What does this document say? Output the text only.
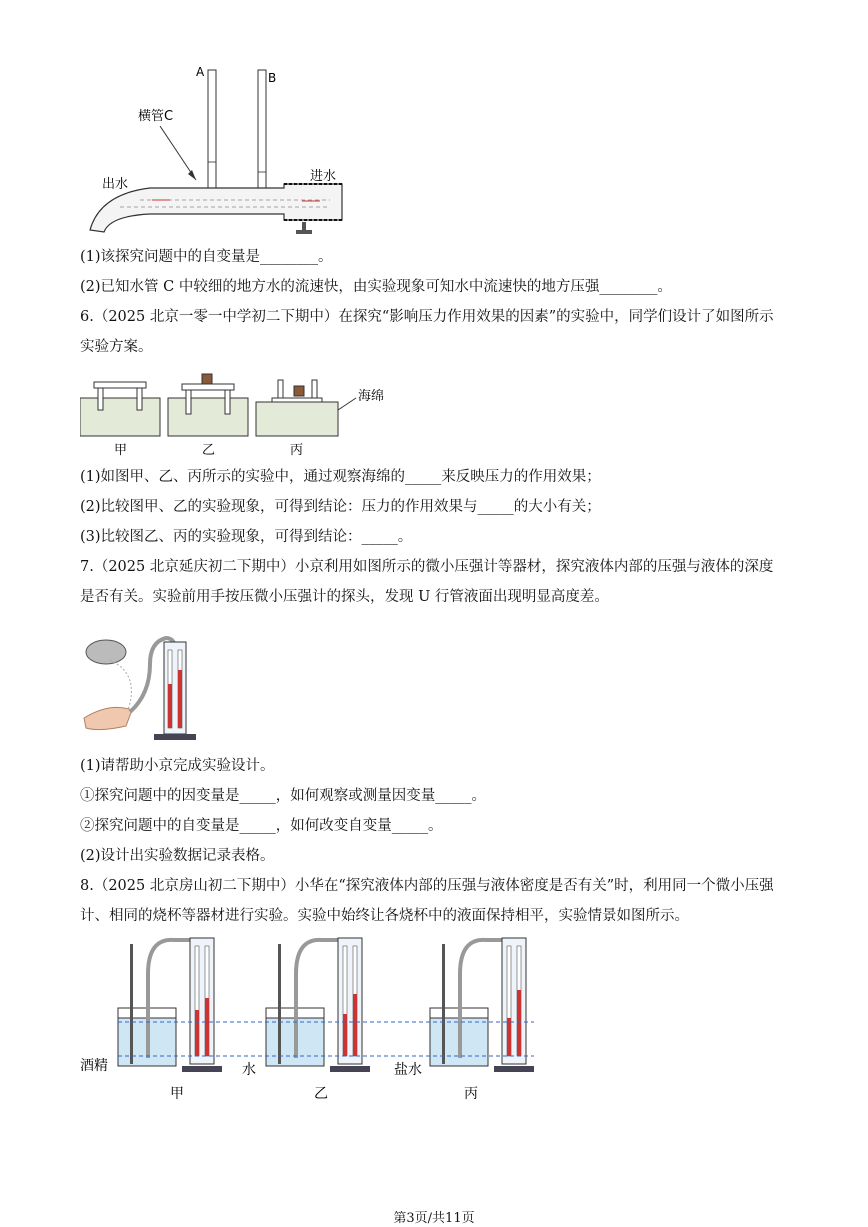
A	B
横管C
出水
进水
(1)该探究问题中的自变量是________。
(2)已知水管 C 中较细的地方水的流速快，由实验现象可知水中流速快的地方压强________。
6.（2025 北京一零一中学初二下期中）在探究“影响压力作用效果的因素”的实验中，同学们设计了如图所示
实验方案。
海绵
甲	乙	丙
(1)如图甲、乙、丙所示的实验中，通过观察海绵的_____来反映压力的作用效果；
(2)比较图甲、乙的实验现象，可得到结论：压力的作用效果与_____的大小有关；
(3)比较图乙、丙的实验现象，可得到结论：_____。
7.（2025 北京延庆初二下期中）小京利用如图所示的微小压强计等器材，探究液体内部的压强与液体的深度
是否有关。实验前用手按压微小压强计的探头，发现 U 行管液面出现明显高度差。
(1)请帮助小京完成实验设计。
①探究问题中的因变量是_____，如何观察或测量因变量_____。
②探究问题中的自变量是_____，如何改变自变量_____。
(2)设计出实验数据记录表格。
8.（2025 北京房山初二下期中）小华在“探究液体内部的压强与液体密度是否有关”时，利用同一个微小压强
计、相同的烧杯等器材进行实验。实验中始终让各烧杯中的液面保持相平，实验情景如图所示。
酒精	水	盐水
甲	乙	丙
第3页/共11页
